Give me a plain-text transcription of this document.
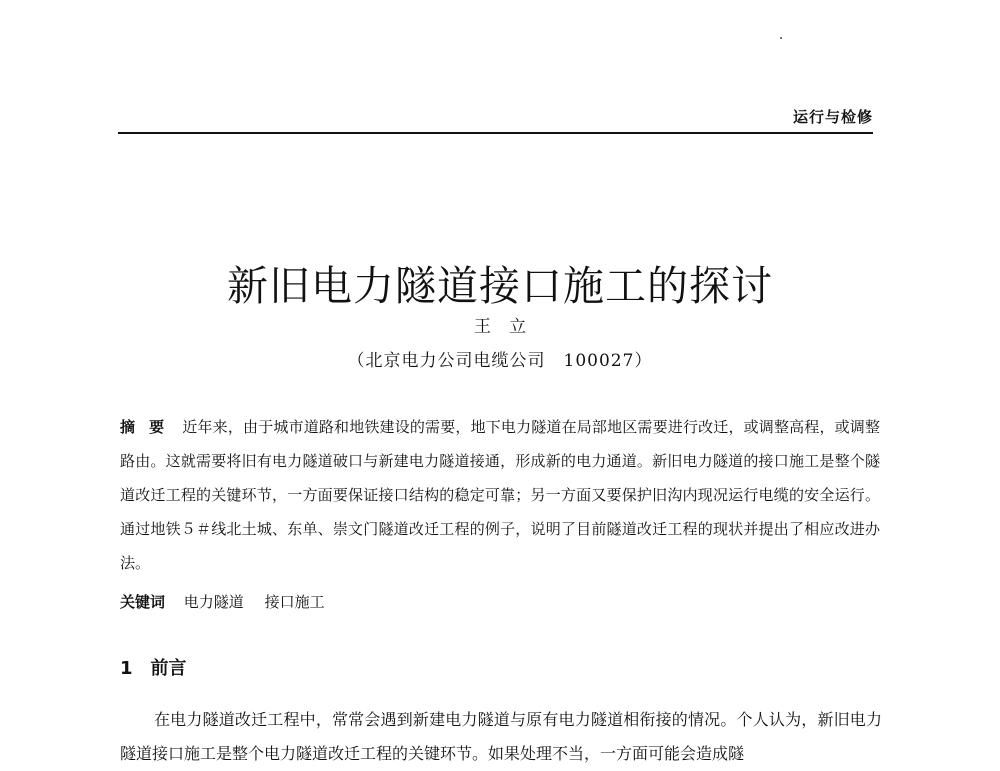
运行与检修
新旧电力隧道接口施工的探讨
王立
（北京电力公司电缆公司　100027）
摘要 近年来，由于城市道路和地铁建设的需要，地下电力隧道在局部地区需要进行改迁，或调整高程，或调整路由。这就需要将旧有电力隧道破口与新建电力隧道接通，形成新的电力通道。新旧电力隧道的接口施工是整个隧道改迁工程的关键环节，一方面要保证接口结构的稳定可靠；另一方面又要保护旧沟内现况运行电缆的安全运行。通过地铁５＃线北土城、东单、崇文门隧道改迁工程的例子，说明了目前隧道改迁工程的现状并提出了相应改进办法。
关键词 电力隧道 接口施工
1 前言
在电力隧道改迁工程中，常常会遇到新建电力隧道与原有电力隧道相衔接的情况。个人认为，新旧电力隧道接口施工是整个电力隧道改迁工程的关键环节。如果处理不当，一方面可能会造成隧
